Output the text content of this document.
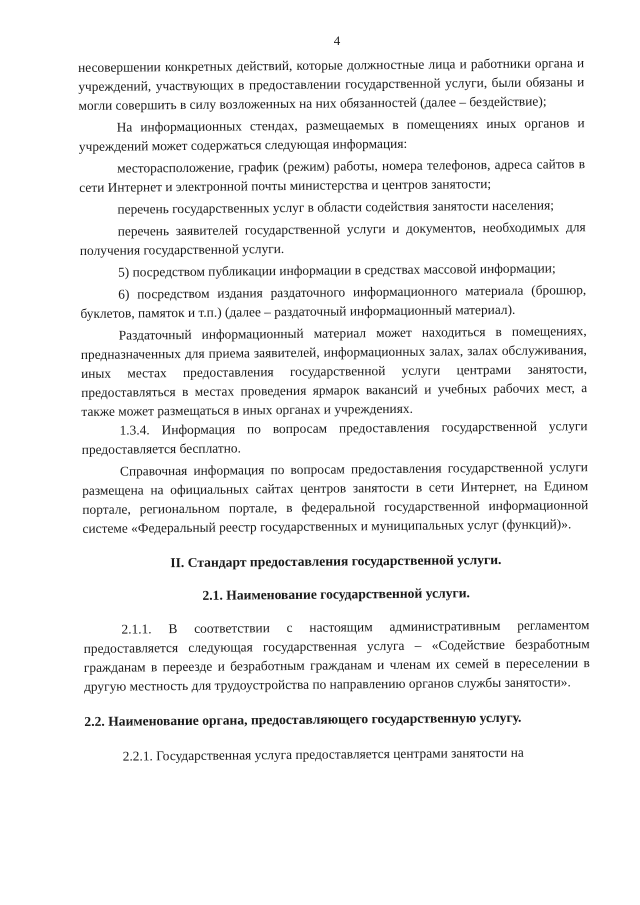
4

несовершении конкретных действий, которые должностные лица и работники органа и учреждений, участвующих в предоставлении государственной услуги, были обязаны и могли совершить в силу возложенных на них обязанностей (далее – бездействие);

На информационных стендах, размещаемых в помещениях иных органов и учреждений может содержаться следующая информация:

месторасположение, график (режим) работы, номера телефонов, адреса сайтов в сети Интернет и электронной почты министерства и центров занятости;

перечень государственных услуг в области содействия занятости населения;

перечень заявителей государственной услуги и документов, необходимых для получения государственной услуги.

5) посредством публикации информации в средствах массовой информации;

6) посредством издания раздаточного информационного материала (брошюр, буклетов, памяток и т.п.) (далее – раздаточный информационный материал).

Раздаточный информационный материал может находиться в помещениях, предназначенных для приема заявителей, информационных залах, залах обслуживания, иных местах предоставления государственной услуги центрами занятости, предоставляться в местах проведения ярмарок вакансий и учебных рабочих мест, а также может размещаться в иных органах и учреждениях.

1.3.4. Информация по вопросам предоставления государственной услуги предоставляется бесплатно.

Справочная информация по вопросам предоставления государственной услуги размещена на официальных сайтах центров занятости в сети Интернет, на Едином портале, региональном портале, в федеральной государственной информационной системе «Федеральный реестр государственных и муниципальных услуг (функций)».

II. Стандарт предоставления государственной услуги.
2.1. Наименование государственной услуги.

2.1.1. В соответствии с настоящим административным регламентом предоставляется следующая государственная услуга – «Содействие безработным гражданам в переезде и безработным гражданам и членам их семей в переселении в другую местность для трудоустройства по направлению органов службы занятости».

2.2. Наименование органа, предоставляющего государственную услугу.

2.2.1. Государственная услуга предоставляется центрами занятости на
